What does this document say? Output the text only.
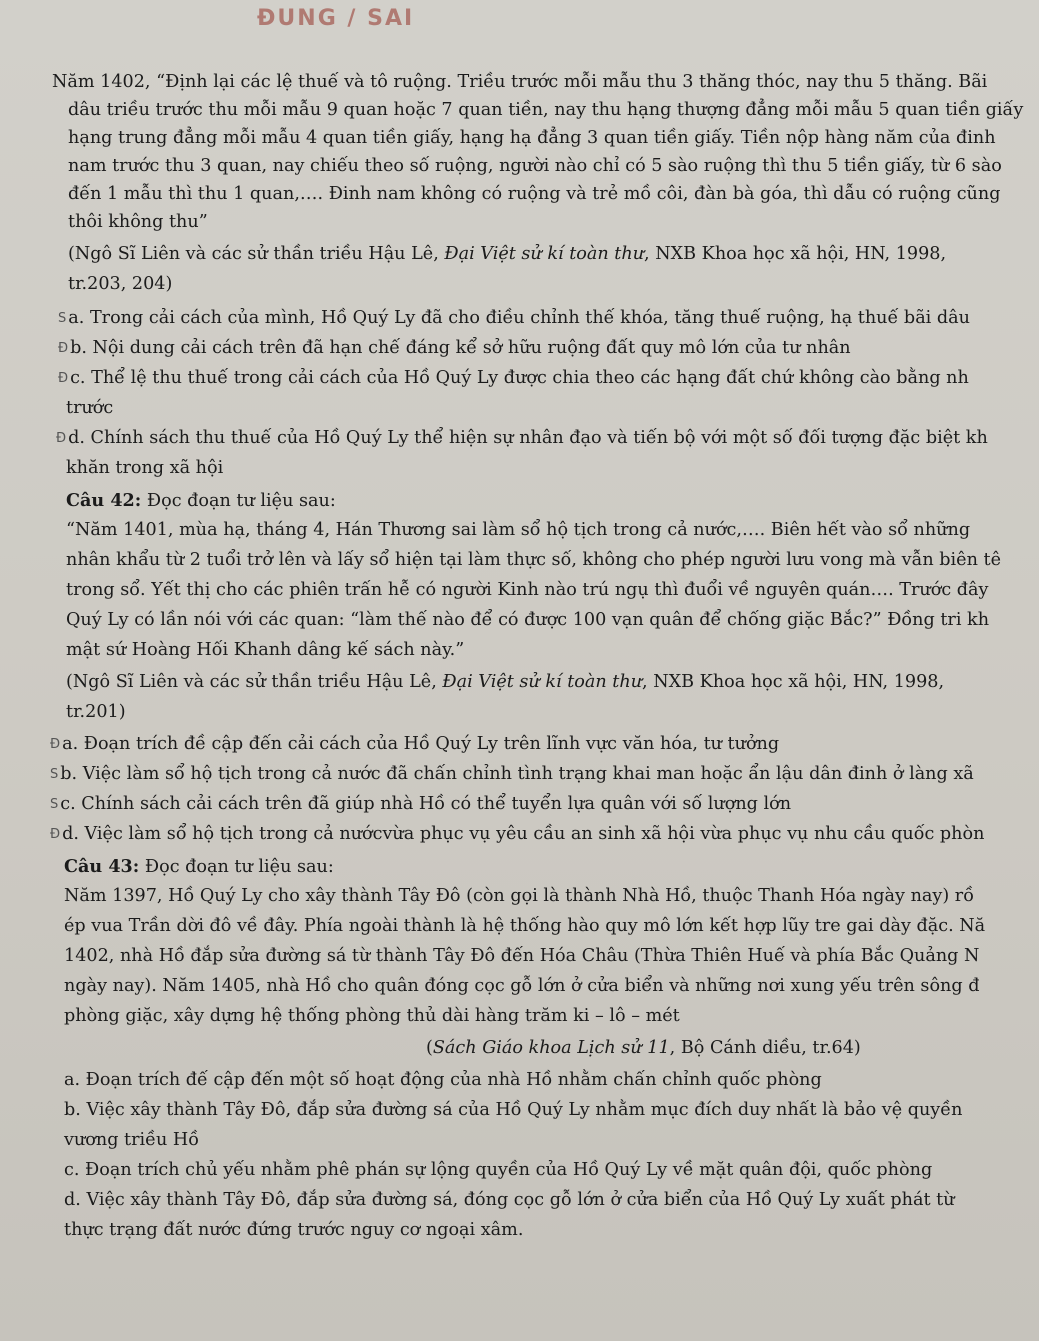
ĐUNG / SAI
Năm 1402, “Định lại các lệ thuế và tô ruộng. Triều trước mỗi mẫu thu 3 thăng thóc, nay thu 5 thăng. Bãi
dâu triều trước thu mỗi mẫu 9 quan hoặc 7 quan tiền, nay thu hạng thượng đẳng mỗi mẫu 5 quan tiền giấy
hạng trung đẳng mỗi mẫu 4 quan tiền giấy, hạng hạ đẳng 3 quan tiền giấy. Tiền nộp hàng năm của đinh
nam trước thu 3 quan, nay chiếu theo số ruộng, người nào chỉ có 5 sào ruộng thì thu 5 tiền giấy, từ 6 sào
đến 1 mẫu thì thu 1 quan,…. Đinh nam không có ruộng và trẻ mồ côi, đàn bà góa, thì dẫu có ruộng cũng
thôi không thu”
(Ngô Sĩ Liên và các sử thần triều Hậu Lê, Đại Việt sử kí toàn thư, NXB Khoa học xã hội, HN, 1998,
tr.203, 204)
S a. Trong cải cách của mình, Hồ Quý Ly đã cho điều chỉnh thế khóa, tăng thuế ruộng, hạ thuế bãi dâu
Đ b. Nội dung cải cách trên đã hạn chế đáng kể sở hữu ruộng đất quy mô lớn của tư nhân
Đ c. Thể lệ thu thuế trong cải cách của Hồ Quý Ly được chia theo các hạng đất chứ không cào bằng nh
trước
Đ d. Chính sách thu thuế của Hồ Quý Ly thể hiện sự nhân đạo và tiến bộ với một số đối tượng đặc biệt kh
khăn trong xã hội
Câu 42: Đọc đoạn tư liệu sau:
“Năm 1401, mùa hạ, tháng 4, Hán Thương sai làm sổ hộ tịch trong cả nước,…. Biên hết vào sổ những
nhân khẩu từ 2 tuổi trở lên và lấy sổ hiện tại làm thực số, không cho phép người lưu vong mà vẫn biên tê
trong sổ. Yết thị cho các phiên trấn hễ có người Kinh nào trú ngụ thì đuổi về nguyên quán…. Trước đây
Quý Ly có lần nói với các quan: “làm thế nào để có được 100 vạn quân để chống giặc Bắc?” Đồng tri kh
mật sứ Hoàng Hối Khanh dâng kế sách này.”
(Ngô Sĩ Liên và các sử thần triều Hậu Lê, Đại Việt sử kí toàn thư, NXB Khoa học xã hội, HN, 1998,
tr.201)
Đ a. Đoạn trích đề cập đến cải cách của Hồ Quý Ly trên lĩnh vực văn hóa, tư tưởng
S b. Việc làm sổ hộ tịch trong cả nước đã chấn chỉnh tình trạng khai man hoặc ẩn lậu dân đinh ở làng xã
S c. Chính sách cải cách trên đã giúp nhà Hồ có thể tuyển lựa quân với số lượng lớn
Đ d. Việc làm sổ hộ tịch trong cả nướcvừa phục vụ yêu cầu an sinh xã hội vừa phục vụ nhu cầu quốc phòn
Câu 43: Đọc đoạn tư liệu sau:
Năm 1397, Hồ Quý Ly cho xây thành Tây Đô (còn gọi là thành Nhà Hồ, thuộc Thanh Hóa ngày nay) rồ
ép vua Trần dời đô về đây. Phía ngoài thành là hệ thống hào quy mô lớn kết hợp lũy tre gai dày đặc. Nă
1402, nhà Hồ đắp sửa đường sá từ thành Tây Đô đến Hóa Châu (Thừa Thiên Huế và phía Bắc Quảng N
ngày nay). Năm 1405, nhà Hồ cho quân đóng cọc gỗ lớn ở cửa biển và những nơi xung yếu trên sông đ
phòng giặc, xây dựng hệ thống phòng thủ dài hàng trăm ki – lô – mét
(Sách Giáo khoa Lịch sử 11, Bộ Cánh diều, tr.64)
a. Đoạn trích đế cập đến một số hoạt động của nhà Hồ nhằm chấn chỉnh quốc phòng
b. Việc xây thành Tây Đô, đắp sửa đường sá của Hồ Quý Ly nhằm mục đích duy nhất là bảo vệ quyền
vương triều Hồ
c. Đoạn trích chủ yếu nhằm phê phán sự lộng quyền của Hồ Quý Ly về mặt quân đội, quốc phòng
d. Việc xây thành Tây Đô, đắp sửa đường sá, đóng cọc gỗ lớn ở cửa biển của Hồ Quý Ly xuất phát từ
thực trạng đất nước đứng trước nguy cơ ngoại xâm.
